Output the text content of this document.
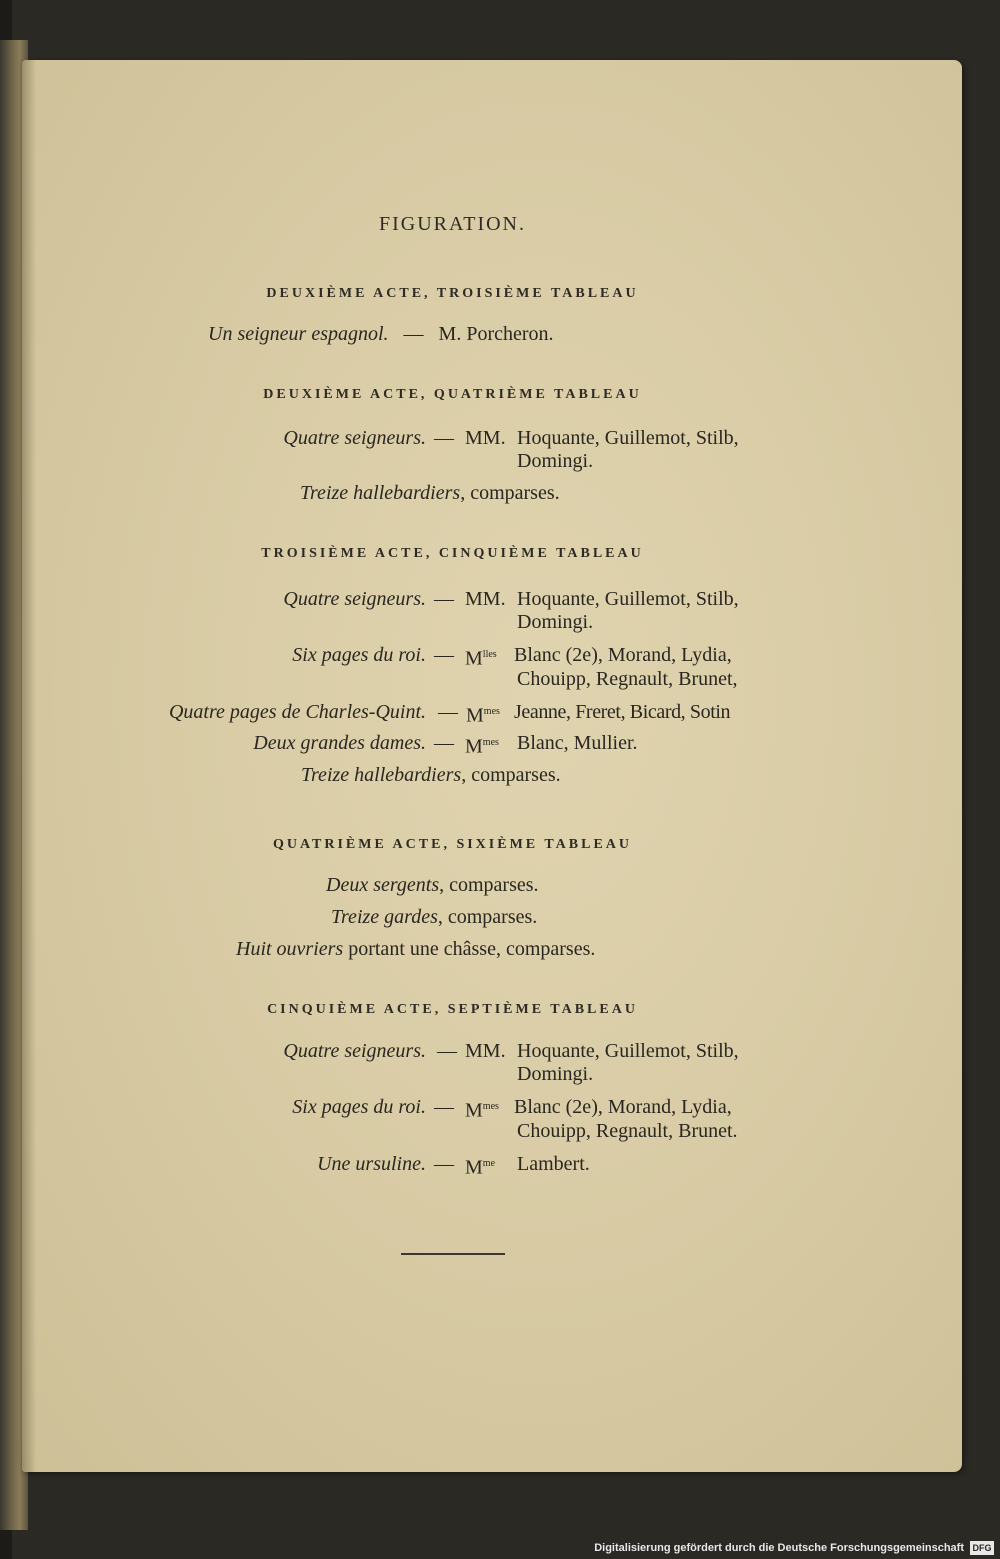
FIGURATION.
DEUXIÈME ACTE, TROISIÈME TABLEAU
Un seigneur espagnol. — M. Porcheron.
DEUXIÈME ACTE, QUATRIÈME TABLEAU
Quatre seigneurs. — MM. Hoquante, Guillemot, Stilb,
Domingi.
Treize hallebardiers, comparses.
TROISIÈME ACTE, CINQUIÈME TABLEAU
Quatre seigneurs. — MM. Hoquante, Guillemot, Stilb,
Domingi.
Six pages du roi. — $M^{lles}$ Blanc (2e), Morand, Lydia,
Chouipp, Regnault, Brunet,
Quatre pages de Charles-Quint. — $M^{mes}$ Jeanne, Freret, Bicard, Sotin
Deux grandes dames. — $M^{mes}$ Blanc, Mullier.
Treize hallebardiers, comparses.
QUATRIÈME ACTE, SIXIÈME TABLEAU
Deux sergents, comparses.
Treize gardes, comparses.
Huit ouvriers portant une châsse, comparses.
CINQUIÈME ACTE, SEPTIÈME TABLEAU
Quatre seigneurs. — MM. Hoquante, Guillemot, Stilb,
Domingi.
Six pages du roi. — $M^{mes}$ Blanc (2e), Morand, Lydia,
Chouipp, Regnault, Brunet.
Une ursuline. — $M^{me}$ Lambert.
Digitalisierung gefördert durch die Deutsche Forschungsgemeinschaft DFG
